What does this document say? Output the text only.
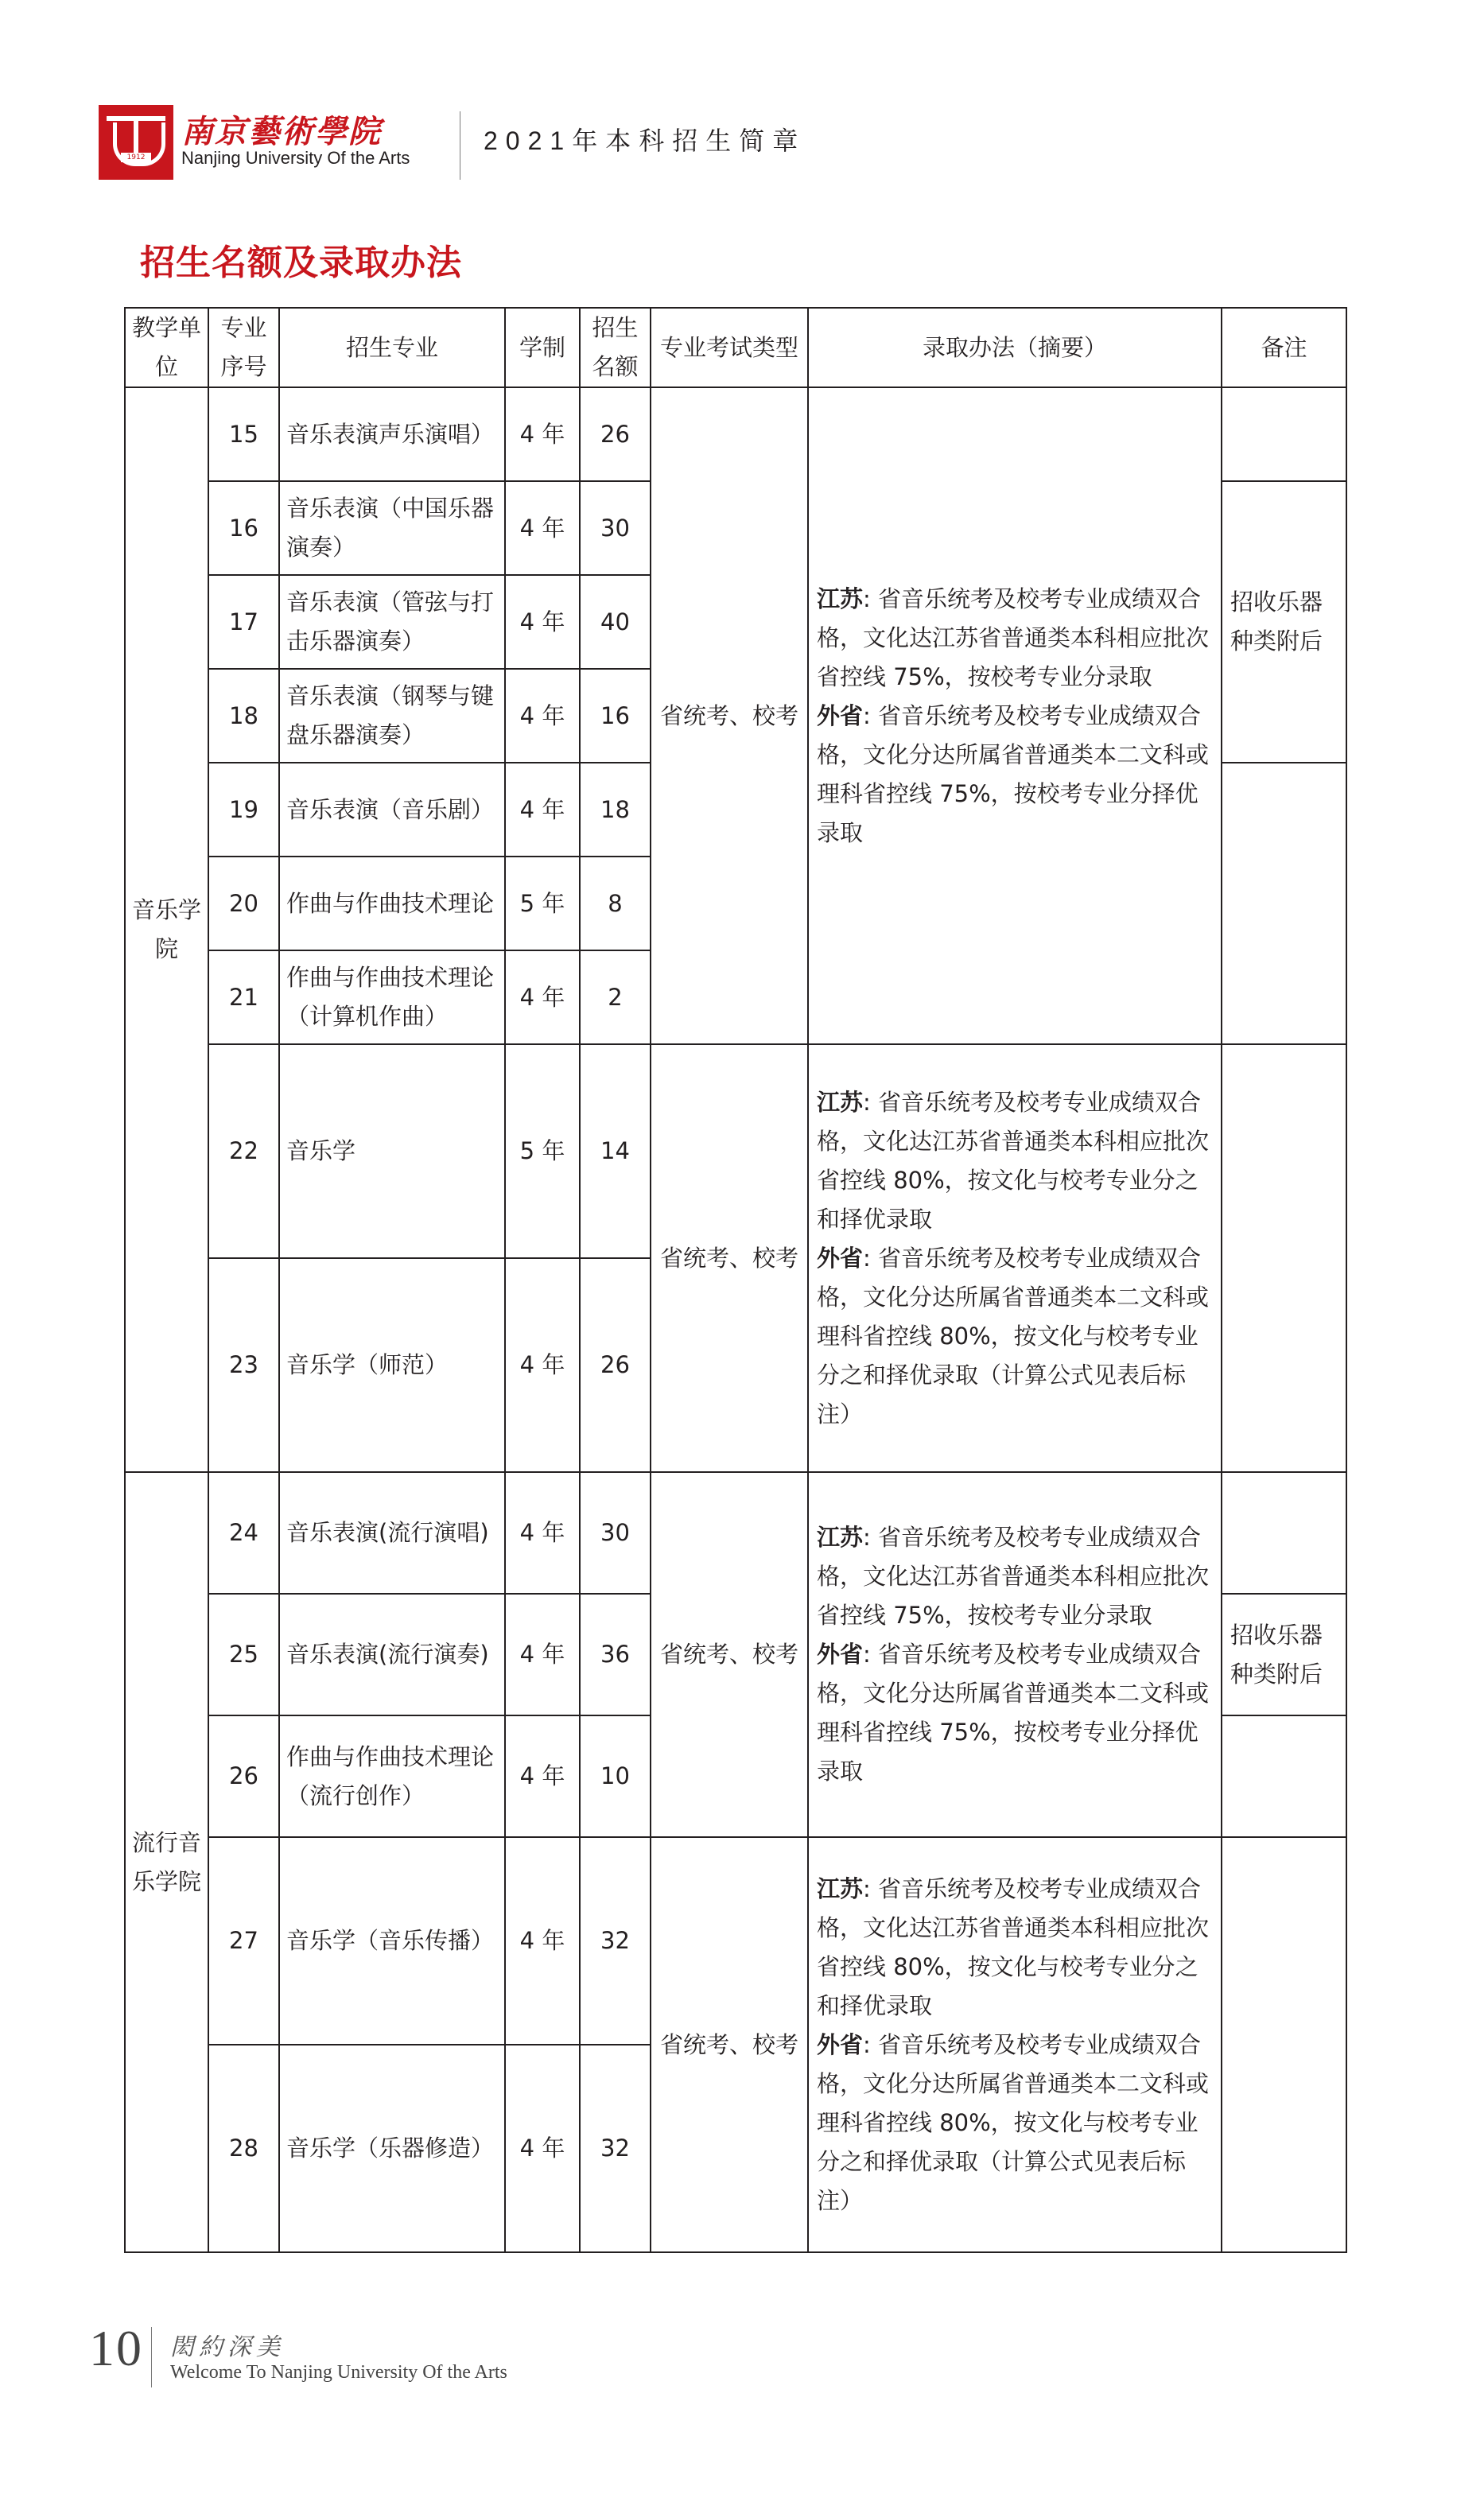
1912
南京藝術學院
Nanjing University Of the Arts
2021年本科招生简章
招生名额及录取办法
教学单位	专业序号	招生专业	学制	招生名额	专业考试类型	录取办法（摘要）	备注
音乐学院	15	音乐表演声乐演唱）	4 年	26	省统考、校考	江苏: 省音乐统考及校考专业成绩双合格，文化达江苏省普通类本科相应批次省控线 75%，按校考专业分录取
外省: 省音乐统考及校考专业成绩双合格，文化分达所属省普通类本二文科或理科省控线 75%，按校考专业分择优录取	
	16	音乐表演（中国乐器演奏）	4 年	30			招收乐器种类附后
	17	音乐表演（管弦与打击乐器演奏）	4 年	40			
	18	音乐表演（钢琴与键盘乐器演奏）	4 年	16			
	19	音乐表演（音乐剧）	4 年	18			
	20	作曲与作曲技术理论	5 年	8			
	21	作曲与作曲技术理论（计算机作曲）	4 年	2			
	22	音乐学	5 年	14	省统考、校考	江苏: 省音乐统考及校考专业成绩双合格，文化达江苏省普通类本科相应批次省控线 80%，按文化与校考专业分之和择优录取
外省: 省音乐统考及校考专业成绩双合格，文化分达所属省普通类本二文科或理科省控线 80%，按文化与校考专业分之和择优录取（计算公式见表后标注）	
	23	音乐学（师范）	4 年	26			
流行音乐学院	24	音乐表演(流行演唱)	4 年	30	省统考、校考	江苏: 省音乐统考及校考专业成绩双合格，文化达江苏省普通类本科相应批次省控线 75%，按校考专业分录取
外省: 省音乐统考及校考专业成绩双合格，文化分达所属省普通类本二文科或理科省控线 75%，按校考专业分择优录取	
	25	音乐表演(流行演奏)	4 年	36			招收乐器种类附后
	26	作曲与作曲技术理论（流行创作）	4 年	10			
	27	音乐学（音乐传播）	4 年	32	省统考、校考	江苏: 省音乐统考及校考专业成绩双合格，文化达江苏省普通类本科相应批次省控线 80%，按文化与校考专业分之和择优录取
外省: 省音乐统考及校考专业成绩双合格，文化分达所属省普通类本二文科或理科省控线 80%，按文化与校考专业分之和择优录取（计算公式见表后标注）	
	28	音乐学（乐器修造）	4 年	32			
10 閎約深美
Welcome To Nanjing University Of the Arts
